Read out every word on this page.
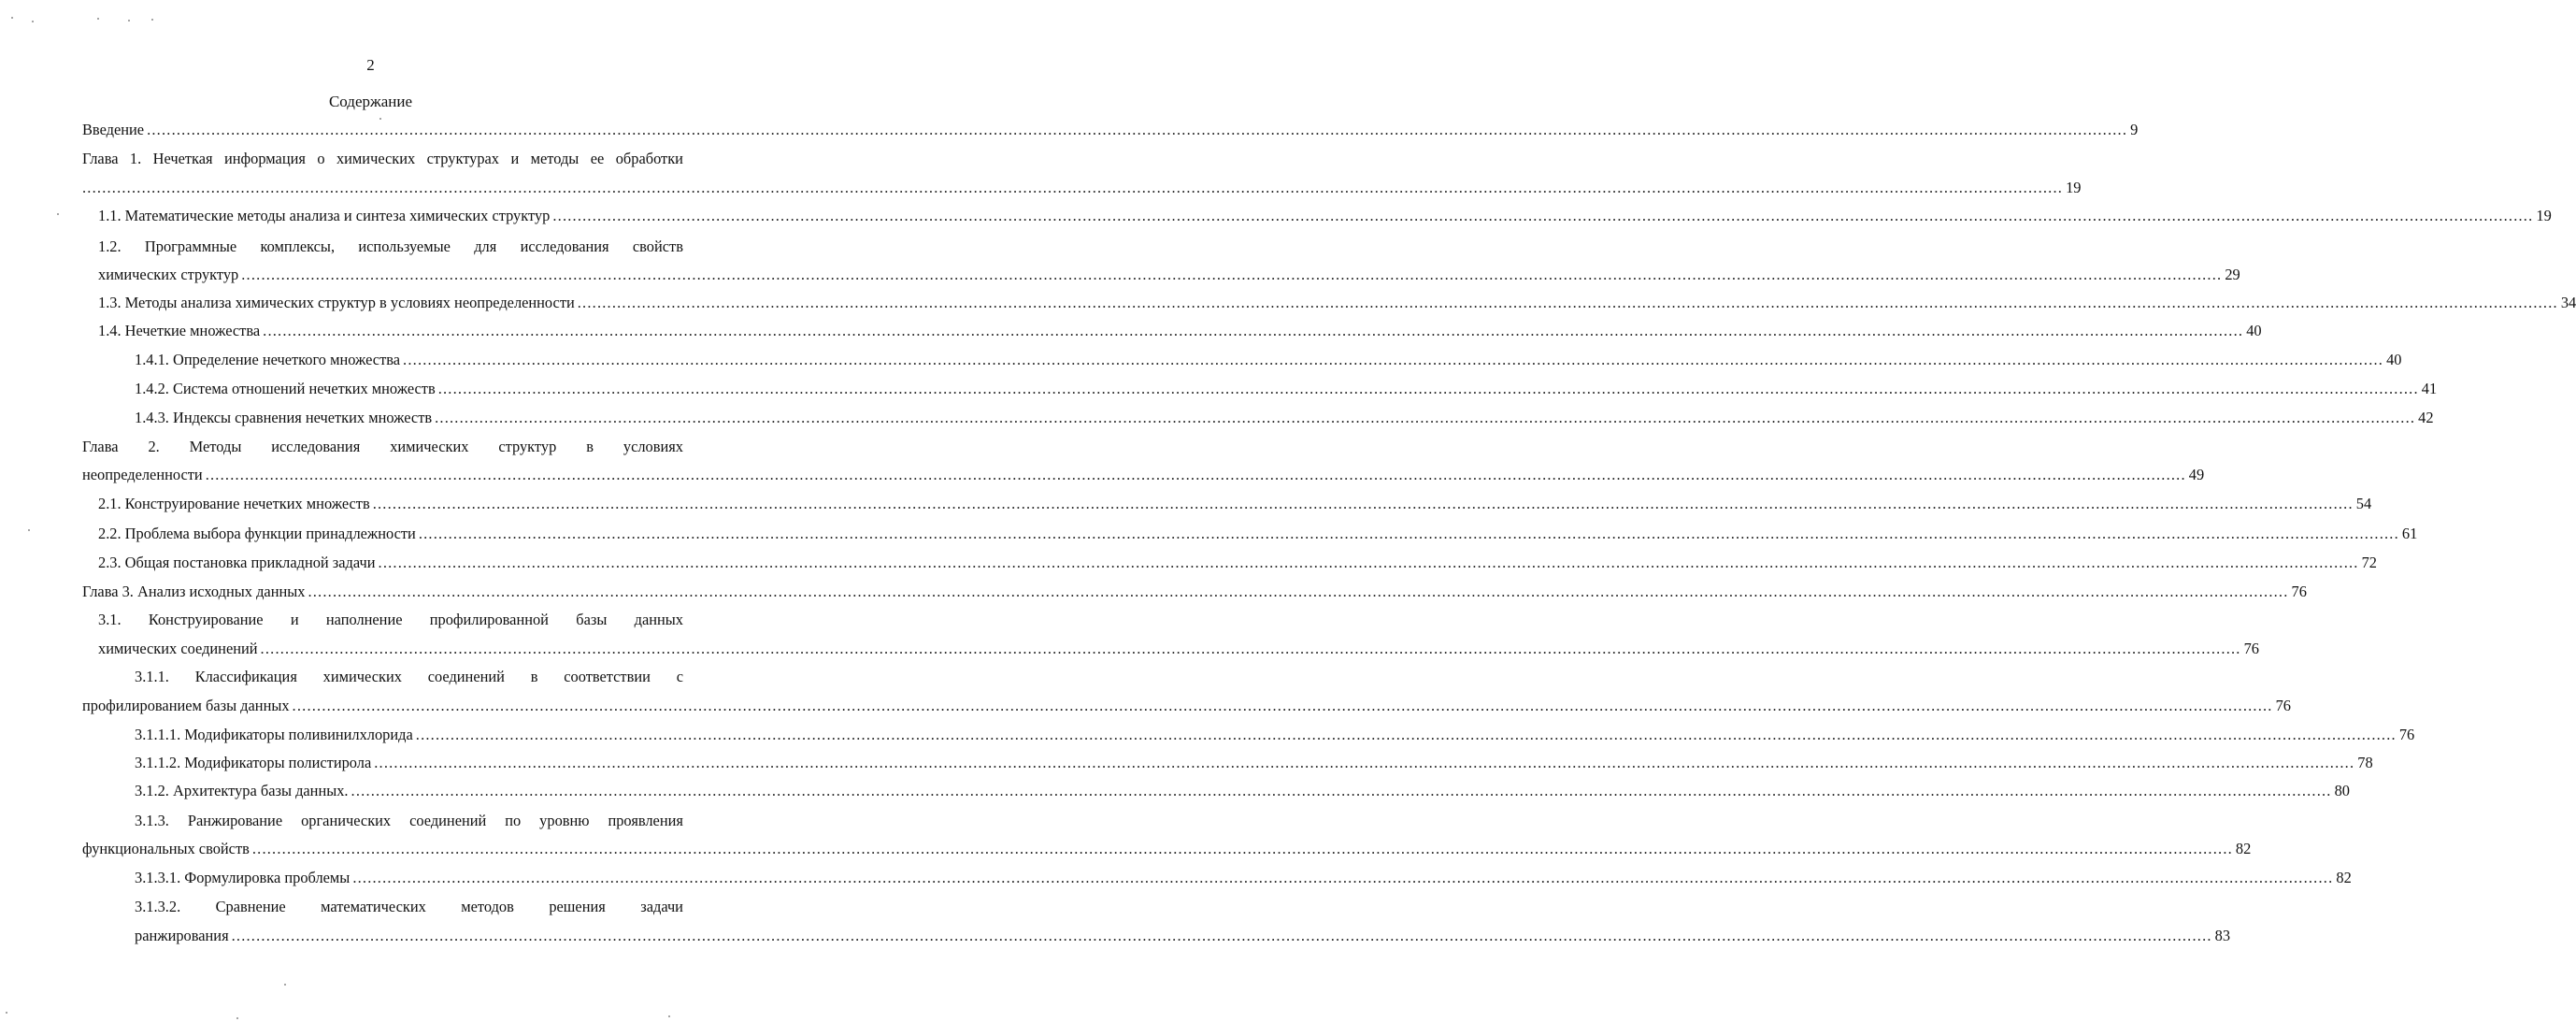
2
Содержание
Введение ................................................................................................................................................................................................................................................................................................................................................................................................................ 9
Глава 1. Нечеткая информация о химических структурах и методы ее обработки
................................................................................................................................................................................................................................................................................................................................................................................................................ 19
1.1. Математические методы анализа и синтеза химических структур ................................................................................................................................................................................................................................................................................................................................................................................................................ 19
1.2. Программные комплексы, используемые для исследования свойств
химических структур ................................................................................................................................................................................................................................................................................................................................................................................................................ 29
1.3. Методы анализа химических структур в условиях неопределенности ................................................................................................................................................................................................................................................................................................................................................................................................................ 34
1.4. Нечеткие множества ................................................................................................................................................................................................................................................................................................................................................................................................................ 40
1.4.1. Определение нечеткого множества ................................................................................................................................................................................................................................................................................................................................................................................................................ 40
1.4.2. Система отношений нечетких множеств ................................................................................................................................................................................................................................................................................................................................................................................................................ 41
1.4.3. Индексы сравнения нечетких множеств ................................................................................................................................................................................................................................................................................................................................................................................................................ 42
Глава 2. Методы исследования химических структур в условиях
неопределенности ................................................................................................................................................................................................................................................................................................................................................................................................................ 49
2.1. Конструирование нечетких множеств ................................................................................................................................................................................................................................................................................................................................................................................................................ 54
2.2. Проблема выбора функции принадлежности ................................................................................................................................................................................................................................................................................................................................................................................................................ 61
2.3. Общая постановка прикладной задачи ................................................................................................................................................................................................................................................................................................................................................................................................................ 72
Глава 3. Анализ исходных данных ................................................................................................................................................................................................................................................................................................................................................................................................................ 76
3.1. Конструирование и наполнение профилированной базы данных
химических соединений ................................................................................................................................................................................................................................................................................................................................................................................................................ 76
3.1.1. Классификация химических соединений в соответствии с
профилированием базы данных ................................................................................................................................................................................................................................................................................................................................................................................................................ 76
3.1.1.1. Модификаторы поливинилхлорида ................................................................................................................................................................................................................................................................................................................................................................................................................ 76
3.1.1.2. Модификаторы полистирола ................................................................................................................................................................................................................................................................................................................................................................................................................ 78
3.1.2. Архитектура базы данных. ................................................................................................................................................................................................................................................................................................................................................................................................................ 80
3.1.3. Ранжирование органических соединений по уровню проявления
функциональных свойств ................................................................................................................................................................................................................................................................................................................................................................................................................ 82
3.1.3.1. Формулировка проблемы ................................................................................................................................................................................................................................................................................................................................................................................................................ 82
3.1.3.2. Сравнение математических методов решения задачи
ранжирования ................................................................................................................................................................................................................................................................................................................................................................................................................ 83
